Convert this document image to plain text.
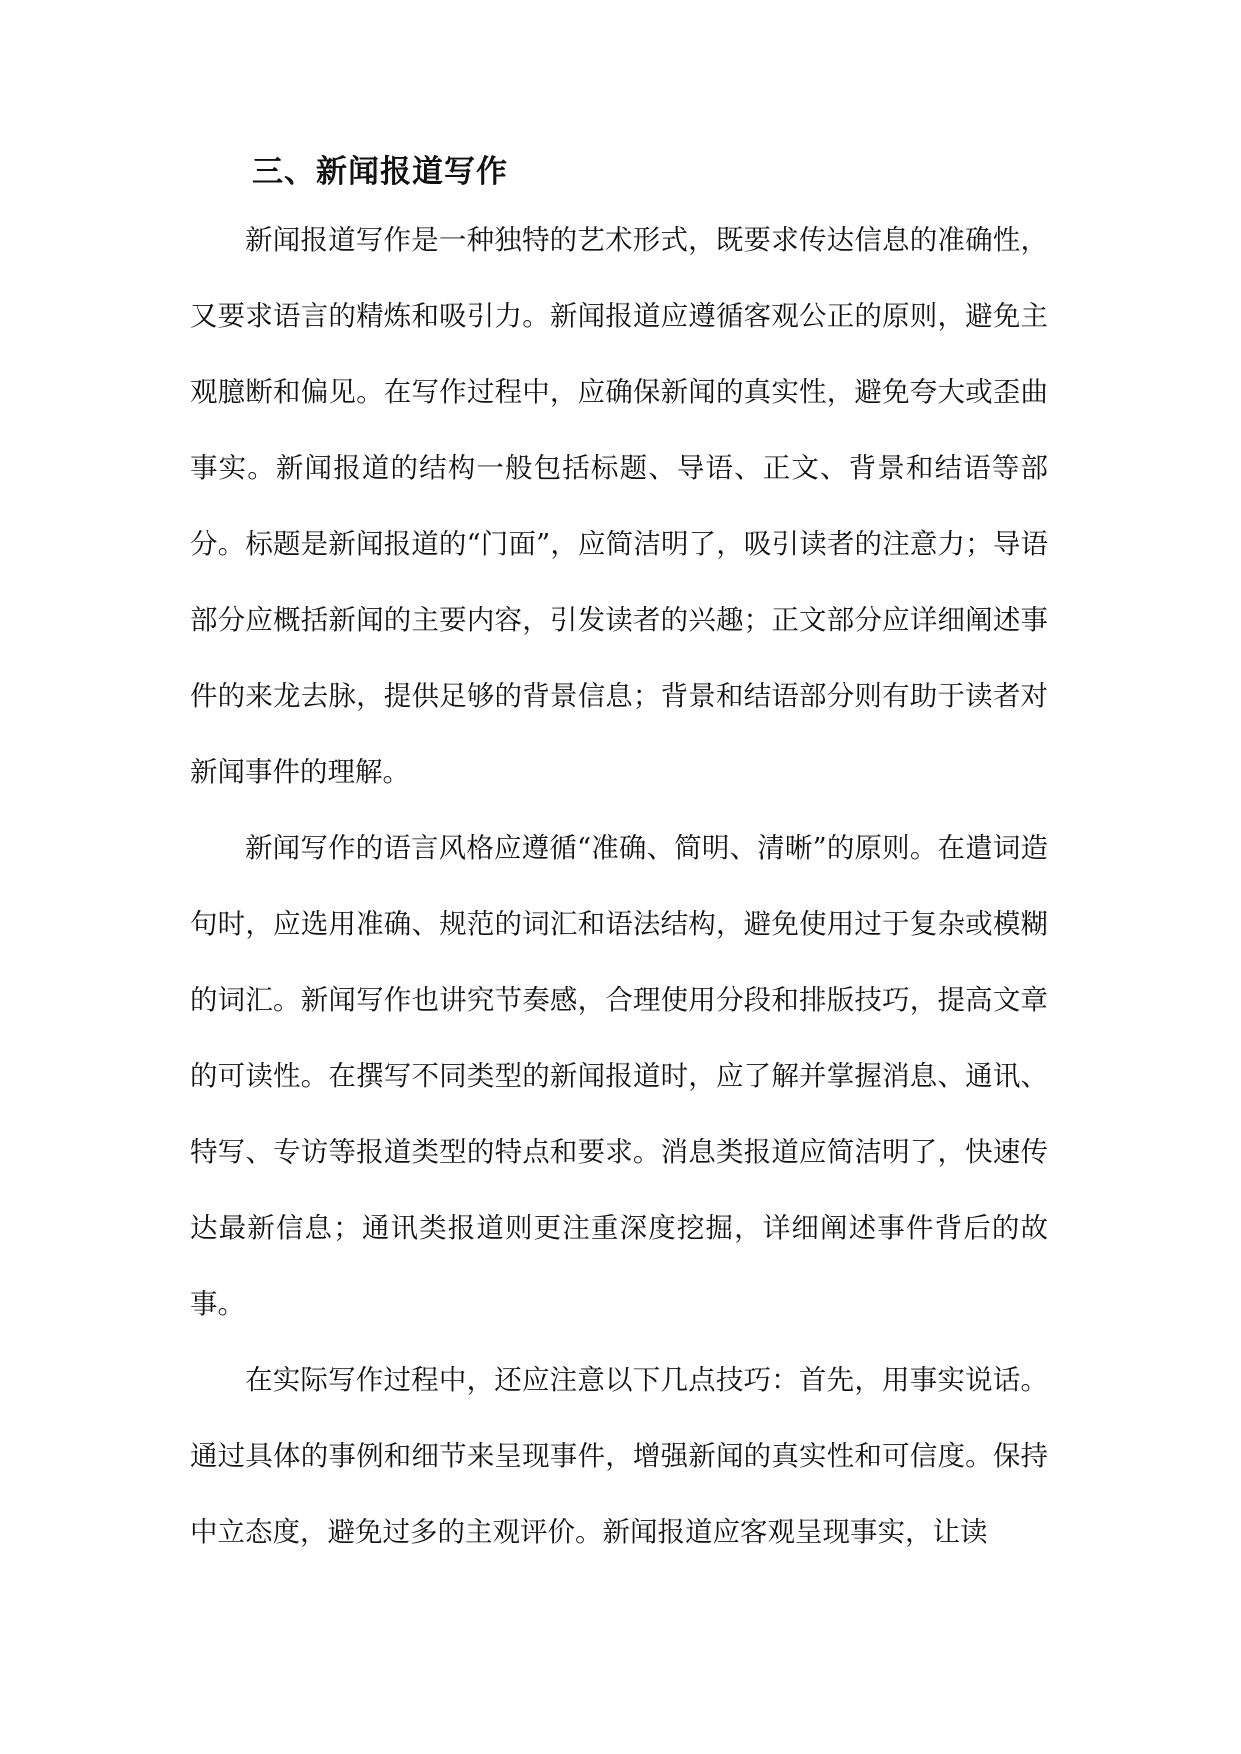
三、新闻报道写作

新闻报道写作是一种独特的艺术形式，既要求传达信息的准确性，又要求语言的精炼和吸引力。新闻报道应遵循客观公正的原则，避免主观臆断和偏见。在写作过程中，应确保新闻的真实性，避免夸大或歪曲事实。新闻报道的结构一般包括标题、导语、正文、背景和结语等部分。标题是新闻报道的“门面”，应简洁明了，吸引读者的注意力；导语部分应概括新闻的主要内容，引发读者的兴趣；正文部分应详细阐述事件的来龙去脉，提供足够的背景信息；背景和结语部分则有助于读者对新闻事件的理解。

新闻写作的语言风格应遵循“准确、简明、清晰”的原则。在遣词造句时，应选用准确、规范的词汇和语法结构，避免使用过于复杂或模糊的词汇。新闻写作也讲究节奏感，合理使用分段和排版技巧，提高文章的可读性。在撰写不同类型的新闻报道时，应了解并掌握消息、通讯、特写、专访等报道类型的特点和要求。消息类报道应简洁明了，快速传达最新信息；通讯类报道则更注重深度挖掘，详细阐述事件背后的故事。

在实际写作过程中，还应注意以下几点技巧：首先，用事实说话。通过具体的事例和细节来呈现事件，增强新闻的真实性和可信度。保持中立态度，避免过多的主观评价。新闻报道应客观呈现事实，让读
